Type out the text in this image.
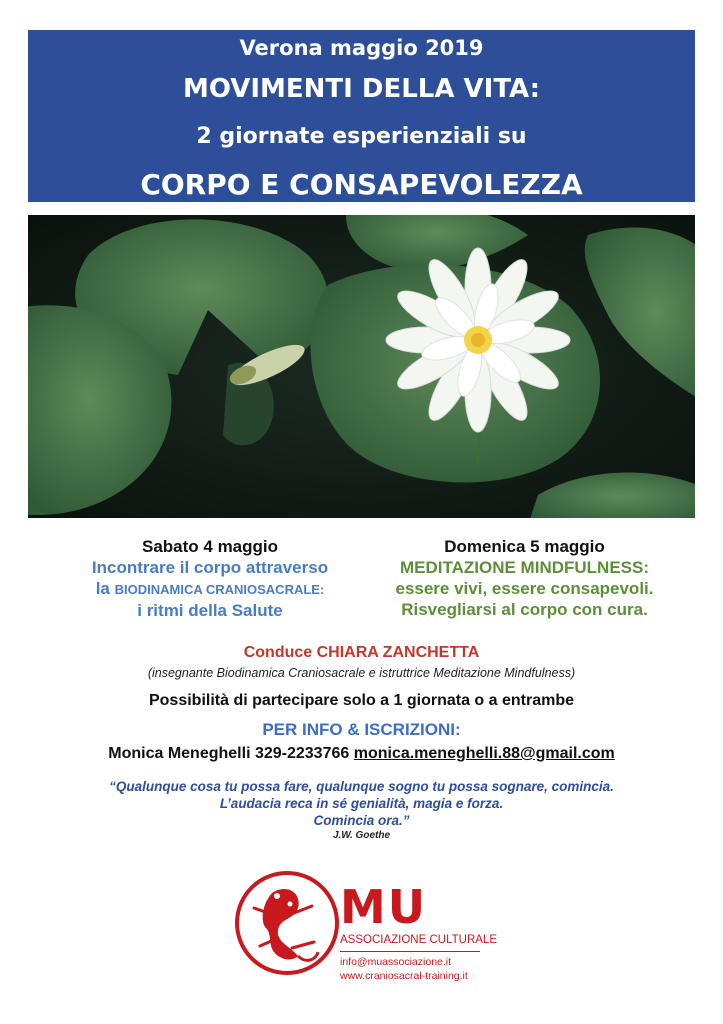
Verona maggio 2019
MOVIMENTI DELLA VITA:
2 giornate esperienziali su
CORPO E CONSAPEVOLEZZA
Sabato 4 maggio
Incontrare il corpo attraverso
la BIODINAMICA CRANIOSACRALE:
i ritmi della Salute
Domenica 5 maggio
MEDITAZIONE MINDFULNESS:
essere vivi, essere consapevoli.
Risvegliarsi al corpo con cura.
Conduce CHIARA ZANCHETTA
(insegnante Biodinamica Craniosacrale e istruttrice Meditazione Mindfulness)
Possibilità di partecipare solo a 1 giornata o a entrambe
PER INFO & ISCRIZIONI:
Monica Meneghelli 329-2233766 monica.meneghelli.88@gmail.com
“Qualunque cosa tu possa fare, qualunque sogno tu possa sognare, comincia.
L’audacia reca in sé genialità, magia e forza.
Comincia ora.”
J.W. Goethe
MU
ASSOCIAZIONE CULTURALE
info@muassociazione.it
www.craniosacral-training.it
